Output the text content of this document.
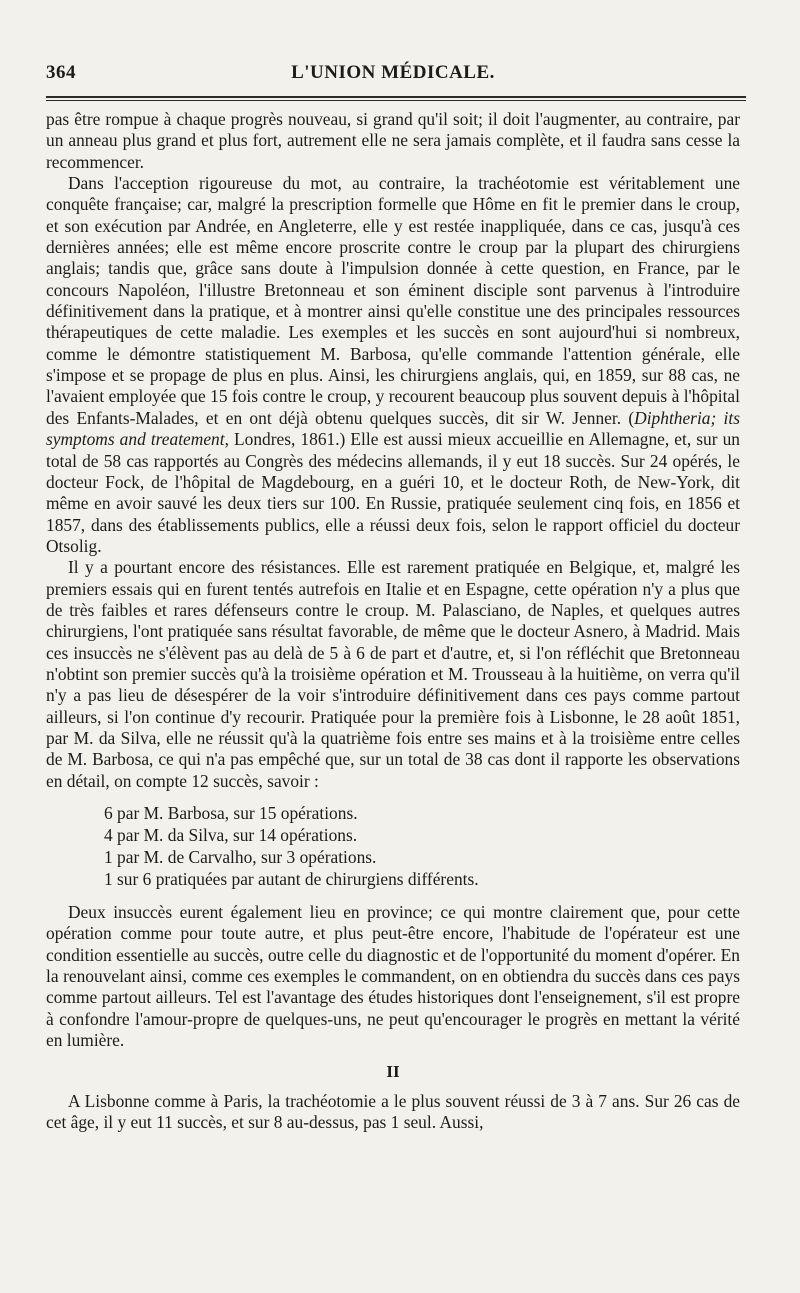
364	L'UNION MÉDICALE.

pas être rompue à chaque progrès nouveau, si grand qu'il soit; il doit l'augmenter, au contraire, par un anneau plus grand et plus fort, autrement elle ne sera jamais complète, et il faudra sans cesse la recommencer.

Dans l'acception rigoureuse du mot, au contraire, la trachéotomie est véritablement une conquête française; car, malgré la prescription formelle que Hôme en fit le premier dans le croup, et son exécution par Andrée, en Angleterre, elle y est restée inappliquée, dans ce cas, jusqu'à ces dernières années; elle est même encore proscrite contre le croup par la plupart des chirurgiens anglais; tandis que, grâce sans doute à l'impulsion donnée à cette question, en France, par le concours Napoléon, l'illustre Bretonneau et son éminent disciple sont parvenus à l'introduire définitivement dans la pratique, et à montrer ainsi qu'elle constitue une des principales ressources thérapeutiques de cette maladie. Les exemples et les succès en sont aujourd'hui si nombreux, comme le démontre statistiquement M. Barbosa, qu'elle commande l'attention générale, elle s'impose et se propage de plus en plus. Ainsi, les chirurgiens anglais, qui, en 1859, sur 88 cas, ne l'avaient employée que 15 fois contre le croup, y recourent beaucoup plus souvent depuis à l'hôpital des Enfants-Malades, et en ont déjà obtenu quelques succès, dit sir W. Jenner. (Diphtheria; its symptoms and treatement, Londres, 1861.) Elle est aussi mieux accueillie en Allemagne, et, sur un total de 58 cas rapportés au Congrès des médecins allemands, il y eut 18 succès. Sur 24 opérés, le docteur Fock, de l'hôpital de Magdebourg, en a guéri 10, et le docteur Roth, de New-York, dit même en avoir sauvé les deux tiers sur 100. En Russie, pratiquée seulement cinq fois, en 1856 et 1857, dans des établissements publics, elle a réussi deux fois, selon le rapport officiel du docteur Otsolig.

Il y a pourtant encore des résistances. Elle est rarement pratiquée en Belgique, et, malgré les premiers essais qui en furent tentés autrefois en Italie et en Espagne, cette opération n'y a plus que de très faibles et rares défenseurs contre le croup. M. Palasciano, de Naples, et quelques autres chirurgiens, l'ont pratiquée sans résultat favorable, de même que le docteur Asnero, à Madrid. Mais ces insuccès ne s'élèvent pas au delà de 5 à 6 de part et d'autre, et, si l'on réfléchit que Bretonneau n'obtint son premier succès qu'à la troisième opération et M. Trousseau à la huitième, on verra qu'il n'y a pas lieu de désespérer de la voir s'introduire définitivement dans ces pays comme partout ailleurs, si l'on continue d'y recourir. Pratiquée pour la première fois à Lisbonne, le 28 août 1851, par M. da Silva, elle ne réussit qu'à la quatrième fois entre ses mains et à la troisième entre celles de M. Barbosa, ce qui n'a pas empêché que, sur un total de 38 cas dont il rapporte les observations en détail, on compte 12 succès, savoir :

6 par M. Barbosa, sur 15 opérations.
4 par M. da Silva, sur 14 opérations.
1 par M. de Carvalho, sur 3 opérations.
1 sur 6 pratiquées par autant de chirurgiens différents.

Deux insuccès eurent également lieu en province; ce qui montre clairement que, pour cette opération comme pour toute autre, et plus peut-être encore, l'habitude de l'opérateur est une condition essentielle au succès, outre celle du diagnostic et de l'opportunité du moment d'opérer. En la renouvelant ainsi, comme ces exemples le commandent, on en obtiendra du succès dans ces pays comme partout ailleurs. Tel est l'avantage des études historiques dont l'enseignement, s'il est propre à confondre l'amour-propre de quelques-uns, ne peut qu'encourager le progrès en mettant la vérité en lumière.

II

A Lisbonne comme à Paris, la trachéotomie a le plus souvent réussi de 3 à 7 ans. Sur 26 cas de cet âge, il y eut 11 succès, et sur 8 au-dessus, pas 1 seul. Aussi,
